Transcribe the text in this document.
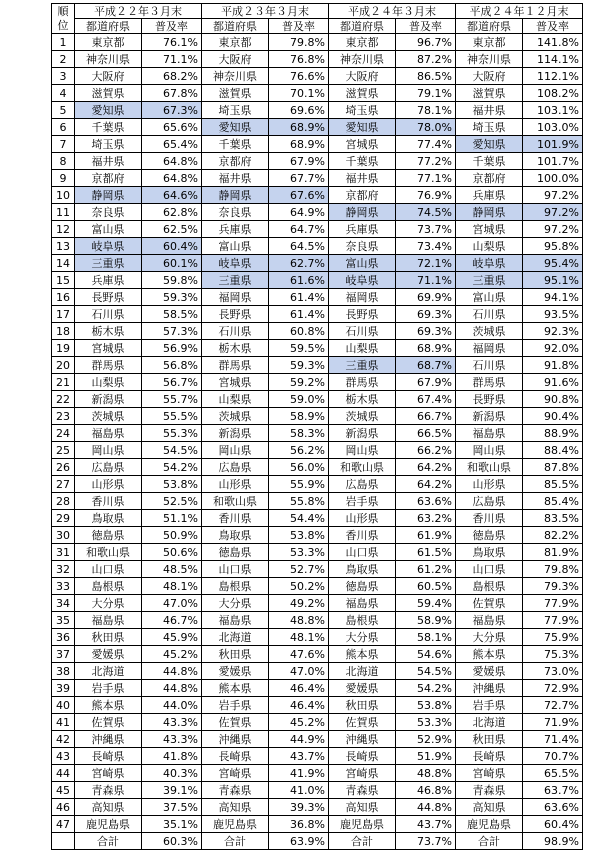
順位	平成２２年３月末		平成２３年３月末		平成２４年３月末		平成２４年１２月末	
	都道府県	普及率	都道府県	普及率	都道府県	普及率	都道府県	普及率
1	東京都	76.1%	東京都	79.8%	東京都	96.7%	東京都	141.8%
2	神奈川県	71.1%	大阪府	76.8%	神奈川県	87.2%	神奈川県	114.1%
3	大阪府	68.2%	神奈川県	76.6%	大阪府	86.5%	大阪府	112.1%
4	滋賀県	67.8%	滋賀県	70.1%	滋賀県	79.1%	滋賀県	108.2%
5	愛知県	67.3%	埼玉県	69.6%	埼玉県	78.1%	福井県	103.1%
6	千葉県	65.6%	愛知県	68.9%	愛知県	78.0%	埼玉県	103.0%
7	埼玉県	65.4%	千葉県	68.9%	宮城県	77.4%	愛知県	101.9%
8	福井県	64.8%	京都府	67.9%	千葉県	77.2%	千葉県	101.7%
9	京都府	64.8%	福井県	67.7%	福井県	77.1%	京都府	100.0%
10	静岡県	64.6%	静岡県	67.6%	京都府	76.9%	兵庫県	97.2%
11	奈良県	62.8%	奈良県	64.9%	静岡県	74.5%	静岡県	97.2%
12	富山県	62.5%	兵庫県	64.7%	兵庫県	73.7%	宮城県	97.2%
13	岐阜県	60.4%	富山県	64.5%	奈良県	73.4%	山梨県	95.8%
14	三重県	60.1%	岐阜県	62.7%	富山県	72.1%	岐阜県	95.4%
15	兵庫県	59.8%	三重県	61.6%	岐阜県	71.1%	三重県	95.1%
16	長野県	59.3%	福岡県	61.4%	福岡県	69.9%	富山県	94.1%
17	石川県	58.5%	長野県	61.4%	長野県	69.3%	石川県	93.5%
18	栃木県	57.3%	石川県	60.8%	石川県	69.3%	茨城県	92.3%
19	宮城県	56.9%	栃木県	59.5%	山梨県	68.9%	福岡県	92.0%
20	群馬県	56.8%	群馬県	59.3%	三重県	68.7%	石川県	91.8%
21	山梨県	56.7%	宮城県	59.2%	群馬県	67.9%	群馬県	91.6%
22	新潟県	55.7%	山梨県	59.0%	栃木県	67.4%	長野県	90.8%
23	茨城県	55.5%	茨城県	58.9%	茨城県	66.7%	新潟県	90.4%
24	福島県	55.3%	新潟県	58.3%	新潟県	66.5%	福島県	88.9%
25	岡山県	54.5%	岡山県	56.2%	岡山県	66.2%	岡山県	88.4%
26	広島県	54.2%	広島県	56.0%	和歌山県	64.2%	和歌山県	87.8%
27	山形県	53.8%	山形県	55.9%	広島県	64.2%	山形県	85.5%
28	香川県	52.5%	和歌山県	55.8%	岩手県	63.6%	広島県	85.4%
29	鳥取県	51.1%	香川県	54.4%	山形県	63.2%	香川県	83.5%
30	徳島県	50.9%	鳥取県	53.8%	香川県	61.9%	徳島県	82.2%
31	和歌山県	50.6%	徳島県	53.3%	山口県	61.5%	鳥取県	81.9%
32	山口県	48.5%	山口県	52.7%	鳥取県	61.2%	山口県	79.8%
33	島根県	48.1%	島根県	50.2%	徳島県	60.5%	島根県	79.3%
34	大分県	47.0%	大分県	49.2%	福島県	59.4%	佐賀県	77.9%
35	福島県	46.7%	福島県	48.8%	島根県	58.9%	福島県	77.9%
36	秋田県	45.9%	北海道	48.1%	大分県	58.1%	大分県	75.9%
37	愛媛県	45.2%	秋田県	47.6%	熊本県	54.6%	熊本県	75.3%
38	北海道	44.8%	愛媛県	47.0%	北海道	54.5%	愛媛県	73.0%
39	岩手県	44.8%	熊本県	46.4%	愛媛県	54.2%	沖縄県	72.9%
40	熊本県	44.0%	岩手県	46.4%	秋田県	53.8%	岩手県	72.7%
41	佐賀県	43.3%	佐賀県	45.2%	佐賀県	53.3%	北海道	71.9%
42	沖縄県	43.3%	沖縄県	44.9%	沖縄県	52.9%	秋田県	71.4%
43	長崎県	41.8%	長崎県	43.7%	長崎県	51.9%	長崎県	70.7%
44	宮崎県	40.3%	宮崎県	41.9%	宮崎県	48.8%	宮崎県	65.5%
45	青森県	39.1%	青森県	41.0%	青森県	46.8%	青森県	63.7%
46	高知県	37.5%	高知県	39.3%	高知県	44.8%	高知県	63.6%
47	鹿児島県	35.1%	鹿児島県	36.8%	鹿児島県	43.7%	鹿児島県	60.4%
	合計	60.3%	合計	63.9%	合計	73.7%	合計	98.9%
